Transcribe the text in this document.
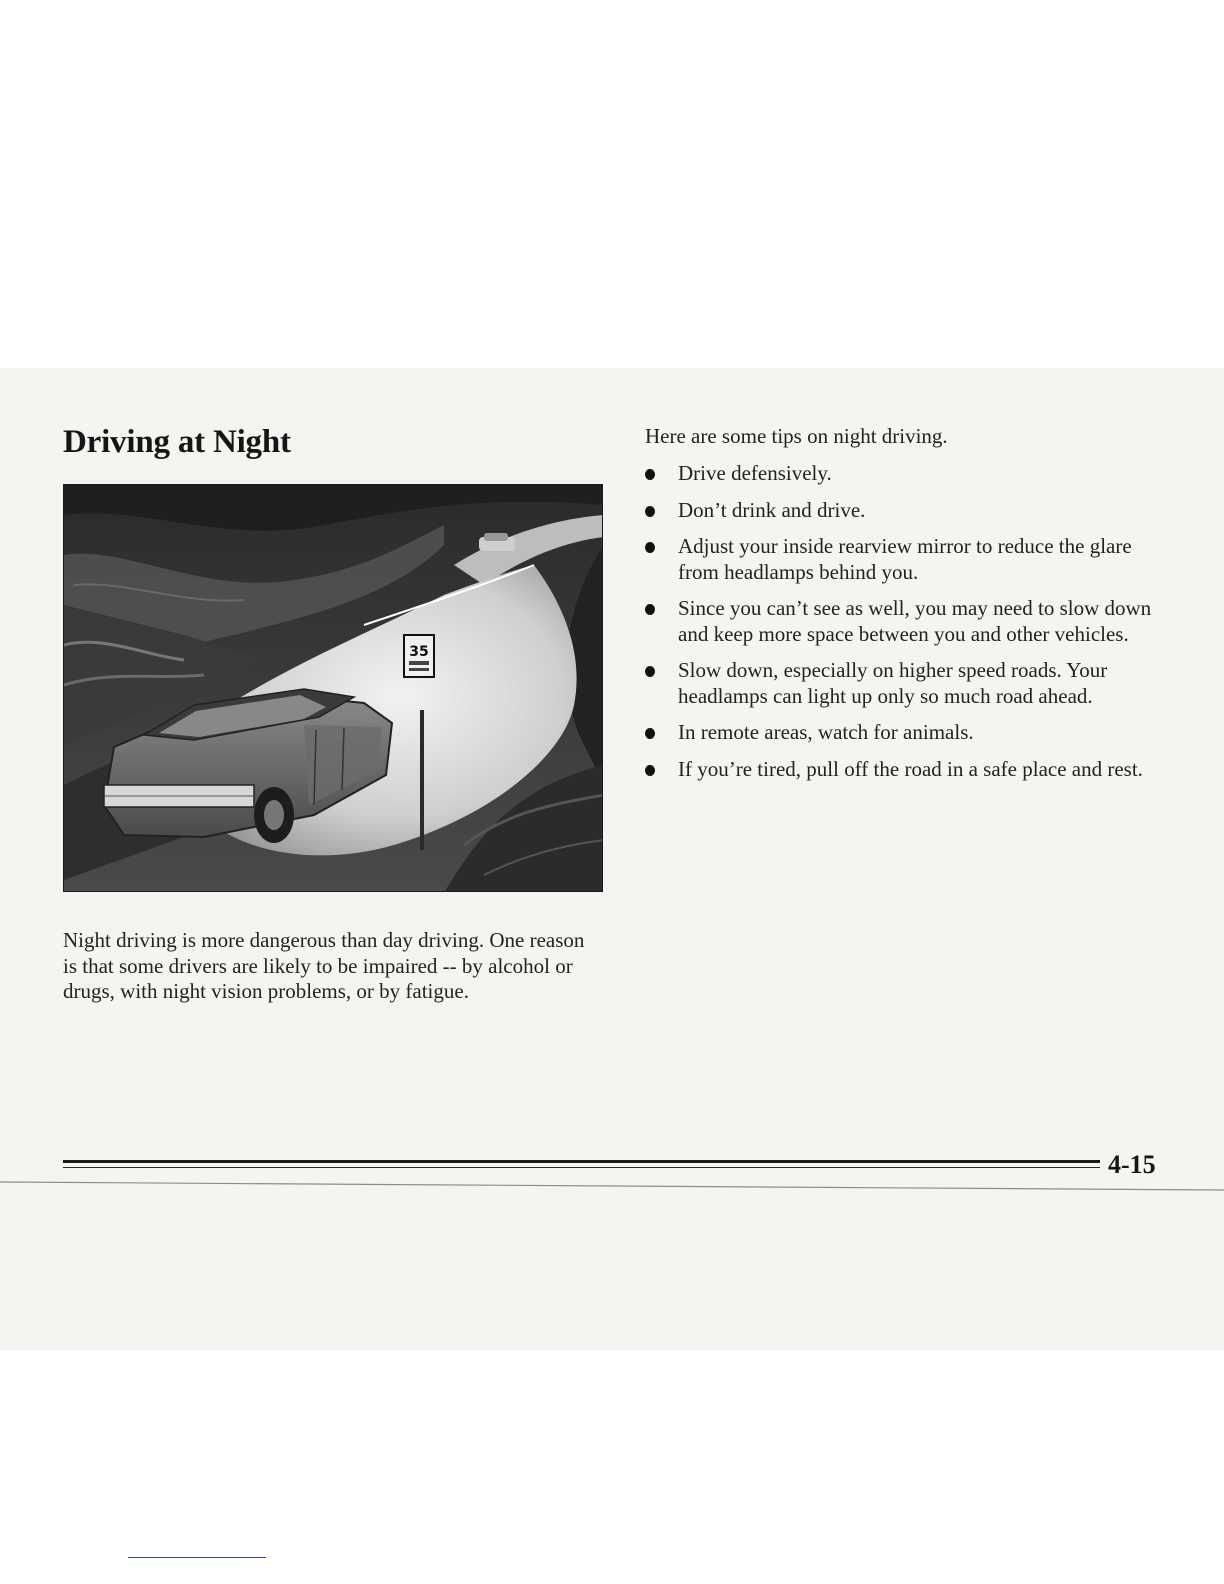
Driving at Night
35

Night driving is more dangerous than day driving. One reason is that some drivers are likely to be impaired -- by alcohol or drugs, with night vision problems, or by fatigue.

Here are some tips on night driving.

Drive defensively.
Don’t drink and drive.
Adjust your inside rearview mirror to reduce the glare from headlamps behind you.
Since you can’t see as well, you may need to slow down and keep more space between you and other vehicles.
Slow down, especially on higher speed roads. Your headlamps can light up only so much road ahead.
In remote areas, watch for animals.
If you’re tired, pull off the road in a safe place and rest.

4-15
